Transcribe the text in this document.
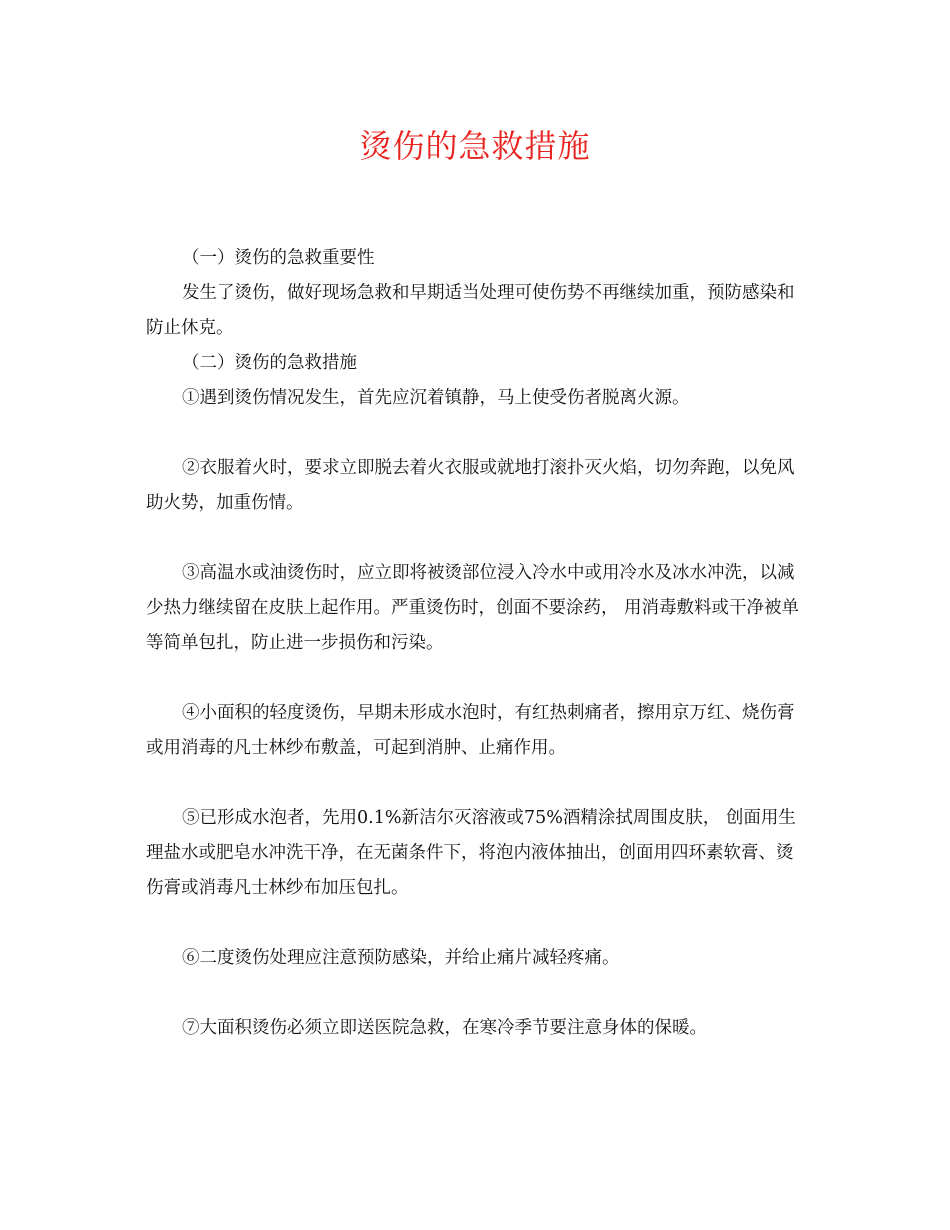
烫伤的急救措施

（一）烫伤的急救重要性

发生了烫伤，做好现场急救和早期适当处理可使伤势不再继续加重，预防感染和防止休克。

（二）烫伤的急救措施

①遇到烫伤情况发生，首先应沉着镇静，马上使受伤者脱离火源。

②衣服着火时，要求立即脱去着火衣服或就地打滚扑灭火焰，切勿奔跑，以免风助火势，加重伤情。

③高温水或油烫伤时，应立即将被烫部位浸入冷水中或用冷水及冰水冲洗，以减少热力继续留在皮肤上起作用。严重烫伤时，创面不要涂药， 用消毒敷料或干净被单等简单包扎，防止进一步损伤和污染。

④小面积的轻度烫伤，早期未形成水泡时，有红热刺痛者，擦用京万红、烧伤膏或用消毒的凡士林纱布敷盖，可起到消肿、止痛作用。

⑤已形成水泡者，先用0.1%新洁尔灭溶液或75%酒精涂拭周围皮肤， 创面用生理盐水或肥皂水冲洗干净，在无菌条件下，将泡内液体抽出，创面用四环素软膏、烫伤膏或消毒凡士林纱布加压包扎。

⑥二度烫伤处理应注意预防感染，并给止痛片减轻疼痛。

⑦大面积烫伤必须立即送医院急救，在寒冷季节要注意身体的保暖。
